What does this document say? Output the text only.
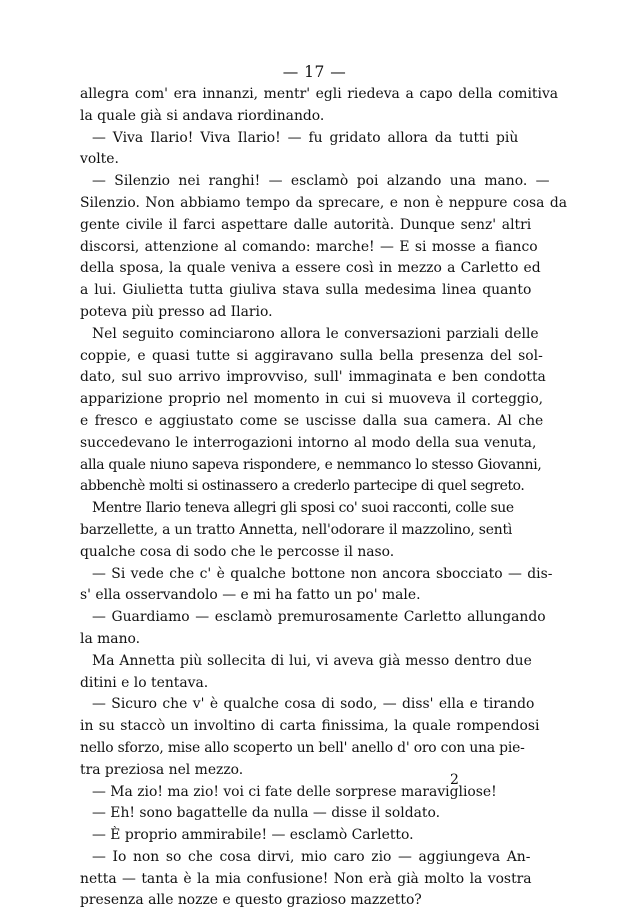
— 17 —
allegra com' era innanzi, mentr' egli riedeva a capo della comitiva
la quale già si andava riordinando.
— Viva Ilario! Viva Ilario! — fu gridato allora da tutti più
volte.
— Silenzio nei ranghi! — esclamò poi alzando una mano. —
Silenzio. Non abbiamo tempo da sprecare, e non è neppure cosa da
gente civile il farci aspettare dalle autorità. Dunque senz' altri
discorsi, attenzione al comando: marche! — E si mosse a fianco
della sposa, la quale veniva a essere così in mezzo a Carletto ed
a lui. Giulietta tutta giuliva stava sulla medesima linea quanto
poteva più presso ad Ilario.
Nel seguito cominciarono allora le conversazioni parziali delle
coppie, e quasi tutte si aggiravano sulla bella presenza del sol-
dato, sul suo arrivo improvviso, sull' immaginata e ben condotta
apparizione proprio nel momento in cui si muoveva il corteggio,
e fresco e aggiustato come se uscisse dalla sua camera. Al che
succedevano le interrogazioni intorno al modo della sua venuta,
alla quale niuno sapeva rispondere, e nemmanco lo stesso Giovanni,
abbenchè molti si ostinassero a crederlo partecipe di quel segreto.
Mentre Ilario teneva allegri gli sposi co' suoi racconti, colle sue
barzellette, a un tratto Annetta, nell'odorare il mazzolino, sentì
qualche cosa di sodo che le percosse il naso.
— Si vede che c' è qualche bottone non ancora sbocciato — dis-
s' ella osservandolo — e mi ha fatto un po' male.
— Guardiamo — esclamò premurosamente Carletto allungando
la mano.
Ma Annetta più sollecita di lui, vi aveva già messo dentro due
ditini e lo tentava.
— Sicuro che v' è qualche cosa di sodo, — diss' ella e tirando
in su staccò un involtino di carta finissima, la quale rompendosi
nello sforzo, mise allo scoperto un bell' anello d' oro con una pie-
tra preziosa nel mezzo.
— Ma zio! ma zio! voi ci fate delle sorprese maravigliose!
— Eh! sono bagattelle da nulla — disse il soldato.
— È proprio ammirabile! — esclamò Carletto.
— Io non so che cosa dirvi, mio caro zio — aggiungeva An-
netta — tanta è la mia confusione! Non erà già molto la vostra
presenza alle nozze e questo grazioso mazzetto?
2
